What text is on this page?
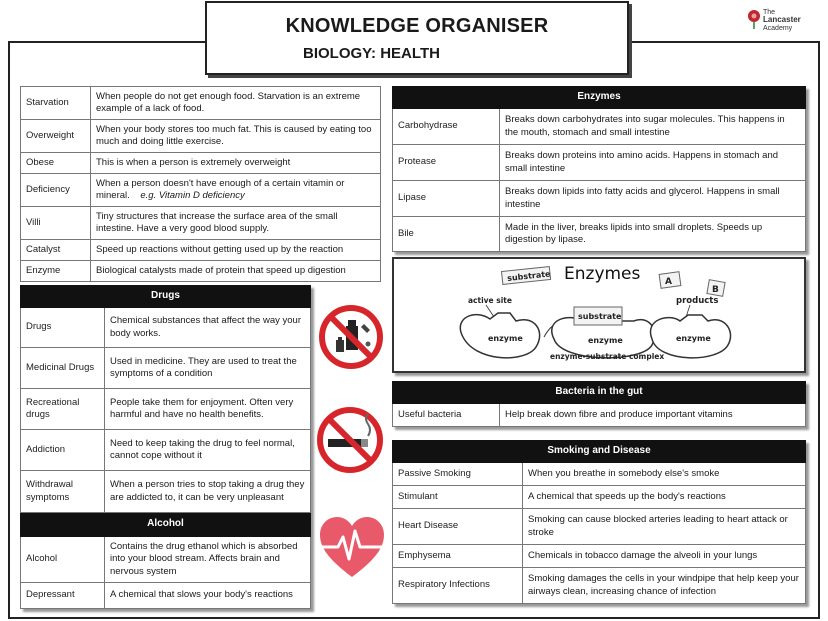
KNOWLEDGE ORGANISER
BIOLOGY: HEALTH
The
Lancaster
Academy
Starvation	When people do not get enough food. Starvation is an extreme example of a lack of food.
Overweight	When your body stores too much fat. This is caused by eating too much and doing little exercise.
Obese	This is when a person is extremely overweight
Deficiency	When a person doesn't have enough of a certain vitamin or mineral. e.g. Vitamin D deficiency
Villi	Tiny structures that increase the surface area of the small intestine. Have a very good blood supply.
Catalyst	Speed up reactions without getting used up by the reaction
Enzyme	Biological catalysts made of protein that speed up digestion
Drugs	
Drugs	Chemical substances that affect the way your body works.
Medicinal Drugs	Used in medicine. They are used to treat the symptoms of a condition
Recreational drugs	People take them for enjoyment. Often very harmful and have no health benefits.
Addiction	Need to keep taking the drug to feel normal, cannot cope without it
Withdrawal symptoms	When a person tries to stop taking a drug they are addicted to, it can be very unpleasant
Alcohol	
Alcohol	Contains the drug ethanol which is absorbed into your blood stream. Affects brain and nervous system
Depressant	A chemical that slows your body's reactions
Enzymes	
Carbohydrase	Breaks down carbohydrates into sugar molecules. This happens in the mouth, stomach and small intestine
Protease	Breaks down proteins into amino acids. Happens in stomach and small intestine
Lipase	Breaks down lipids into fatty acids and glycerol. Happens in small intestine
Bile	Made in the liver, breaks lipids into small droplets. Speeds up digestion by lipase.
Enzymes
substrate
active site
enzyme
substrate
enzyme
enzyme-substrate complex
products
A
B
enzyme
Bacteria in the gut
Useful bacteria	Help break down fibre and produce important vitamins
Smoking and Disease	
Passive Smoking	When you breathe in somebody else's smoke
Stimulant	A chemical that speeds up the body's reactions
Heart Disease	Smoking can cause blocked arteries leading to heart attack or stroke
Emphysema	Chemicals in tobacco damage the alveoli in your lungs
Respiratory Infections	Smoking damages the cells in your windpipe that help keep your airways clean, increasing chance of infection
